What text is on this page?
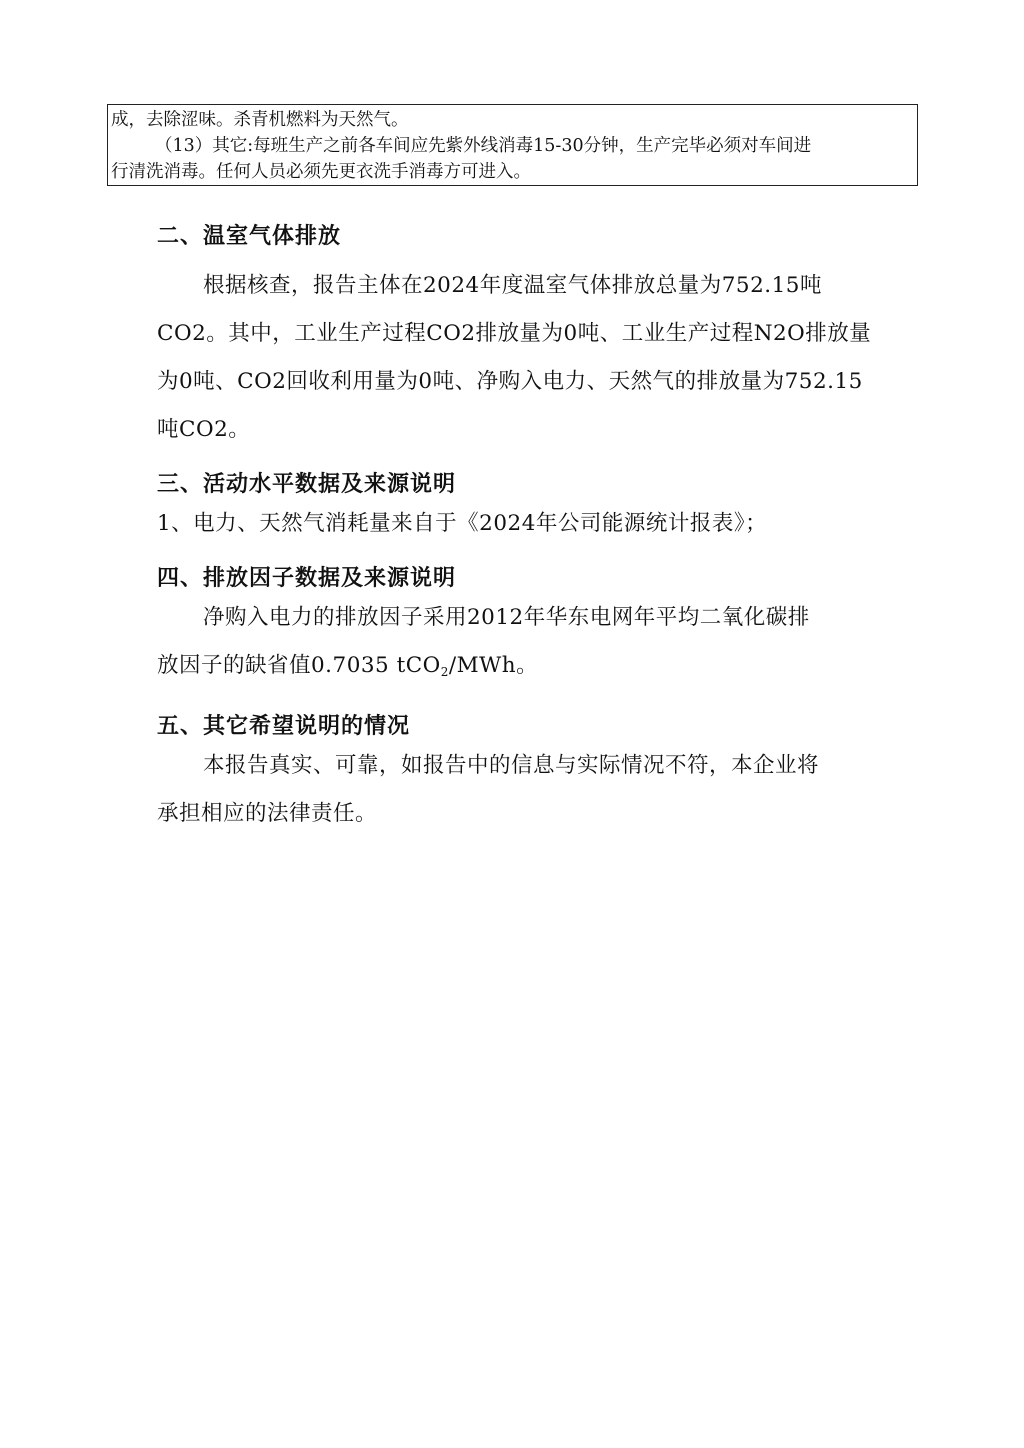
成，去除涩味。杀青机燃料为天然气。

（13）其它:每班生产之前各车间应先紫外线消毒15-30分钟，生产完毕必须对车间进

行清洗消毒。任何人员必须先更衣洗手消毒方可进入。

二、温室气体排放

根据核查，报告主体在2024年度温室气体排放总量为752.15吨
CO2。其中，工业生产过程CO2排放量为0吨、工业生产过程N2O排放量
为0吨、CO2回收利用量为0吨、净购入电力、天然气的排放量为752.15
吨CO2。

三、活动水平数据及来源说明

1、电力、天然气消耗量来自于《2024年公司能源统计报表》；

四、排放因子数据及来源说明

净购入电力的排放因子采用2012年华东电网年平均二氧化碳排
放因子的缺省值0.7035 tCO$_2$/MWh。

五、其它希望说明的情况

本报告真实、可靠，如报告中的信息与实际情况不符，本企业将
承担相应的法律责任。
